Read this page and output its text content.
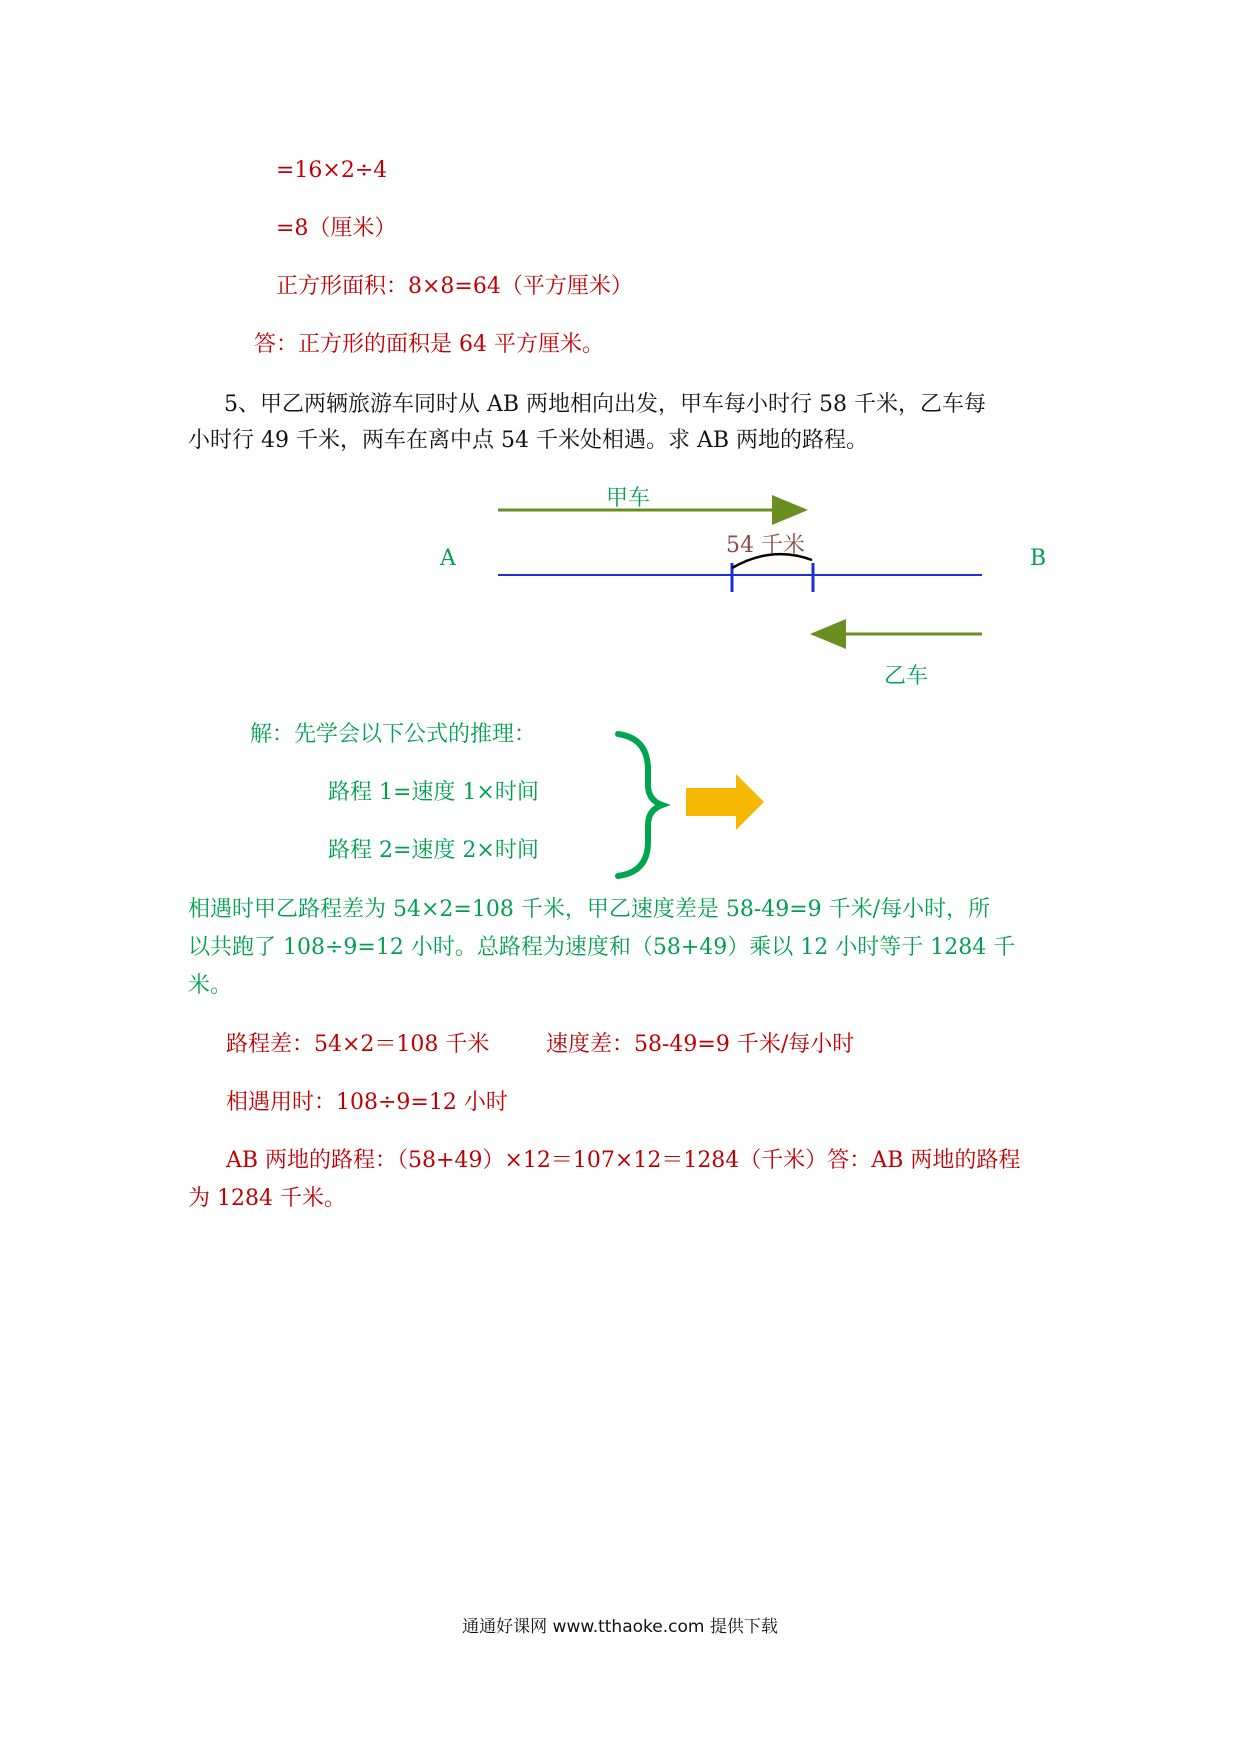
=16×2÷4
=8（厘米）
正方形面积：8×8=64（平方厘米）
答：正方形的面积是 64 平方厘米。
5、甲乙两辆旅游车同时从 AB 两地相向出发，甲车每小时行 58 千米，乙车每
小时行 49 千米，两车在离中点 54 千米处相遇。求 AB 两地的路程。
甲车
54 千米
A	B
乙车
解：先学会以下公式的推理：
路程 1=速度 1×时间
路程 2=速度 2×时间
相遇时甲乙路程差为 54×2=108 千米，甲乙速度差是 58-49=9 千米/每小时，所
以共跑了 108÷9=12 小时。总路程为速度和（58+49）乘以 12 小时等于 1284 千
米。
路程差：54×2＝108 千米	速度差：58-49=9 千米/每小时
相遇用时：108÷9=12 小时
AB 两地的路程：（58+49）×12＝107×12＝1284（千米）答：AB 两地的路程
为 1284 千米。
通通好课网 www.tthaoke.com 提供下载
